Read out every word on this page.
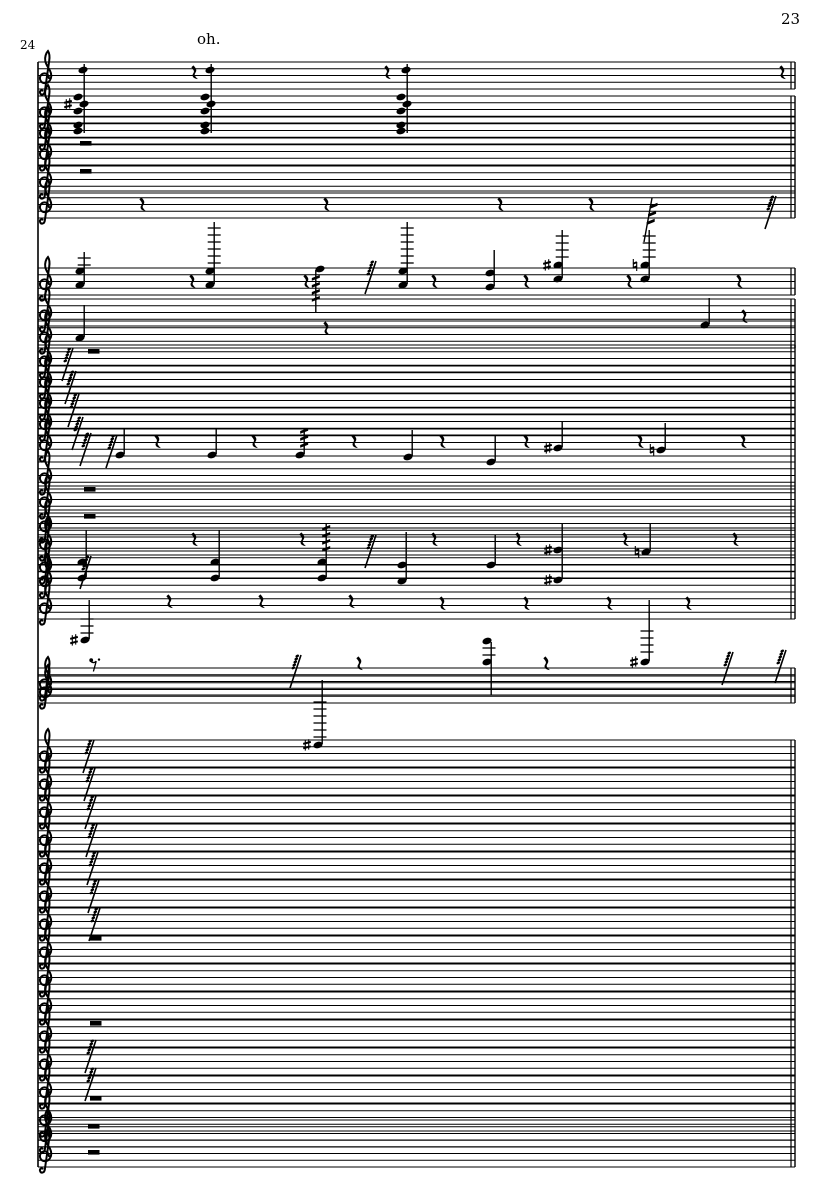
23
24	oh.
